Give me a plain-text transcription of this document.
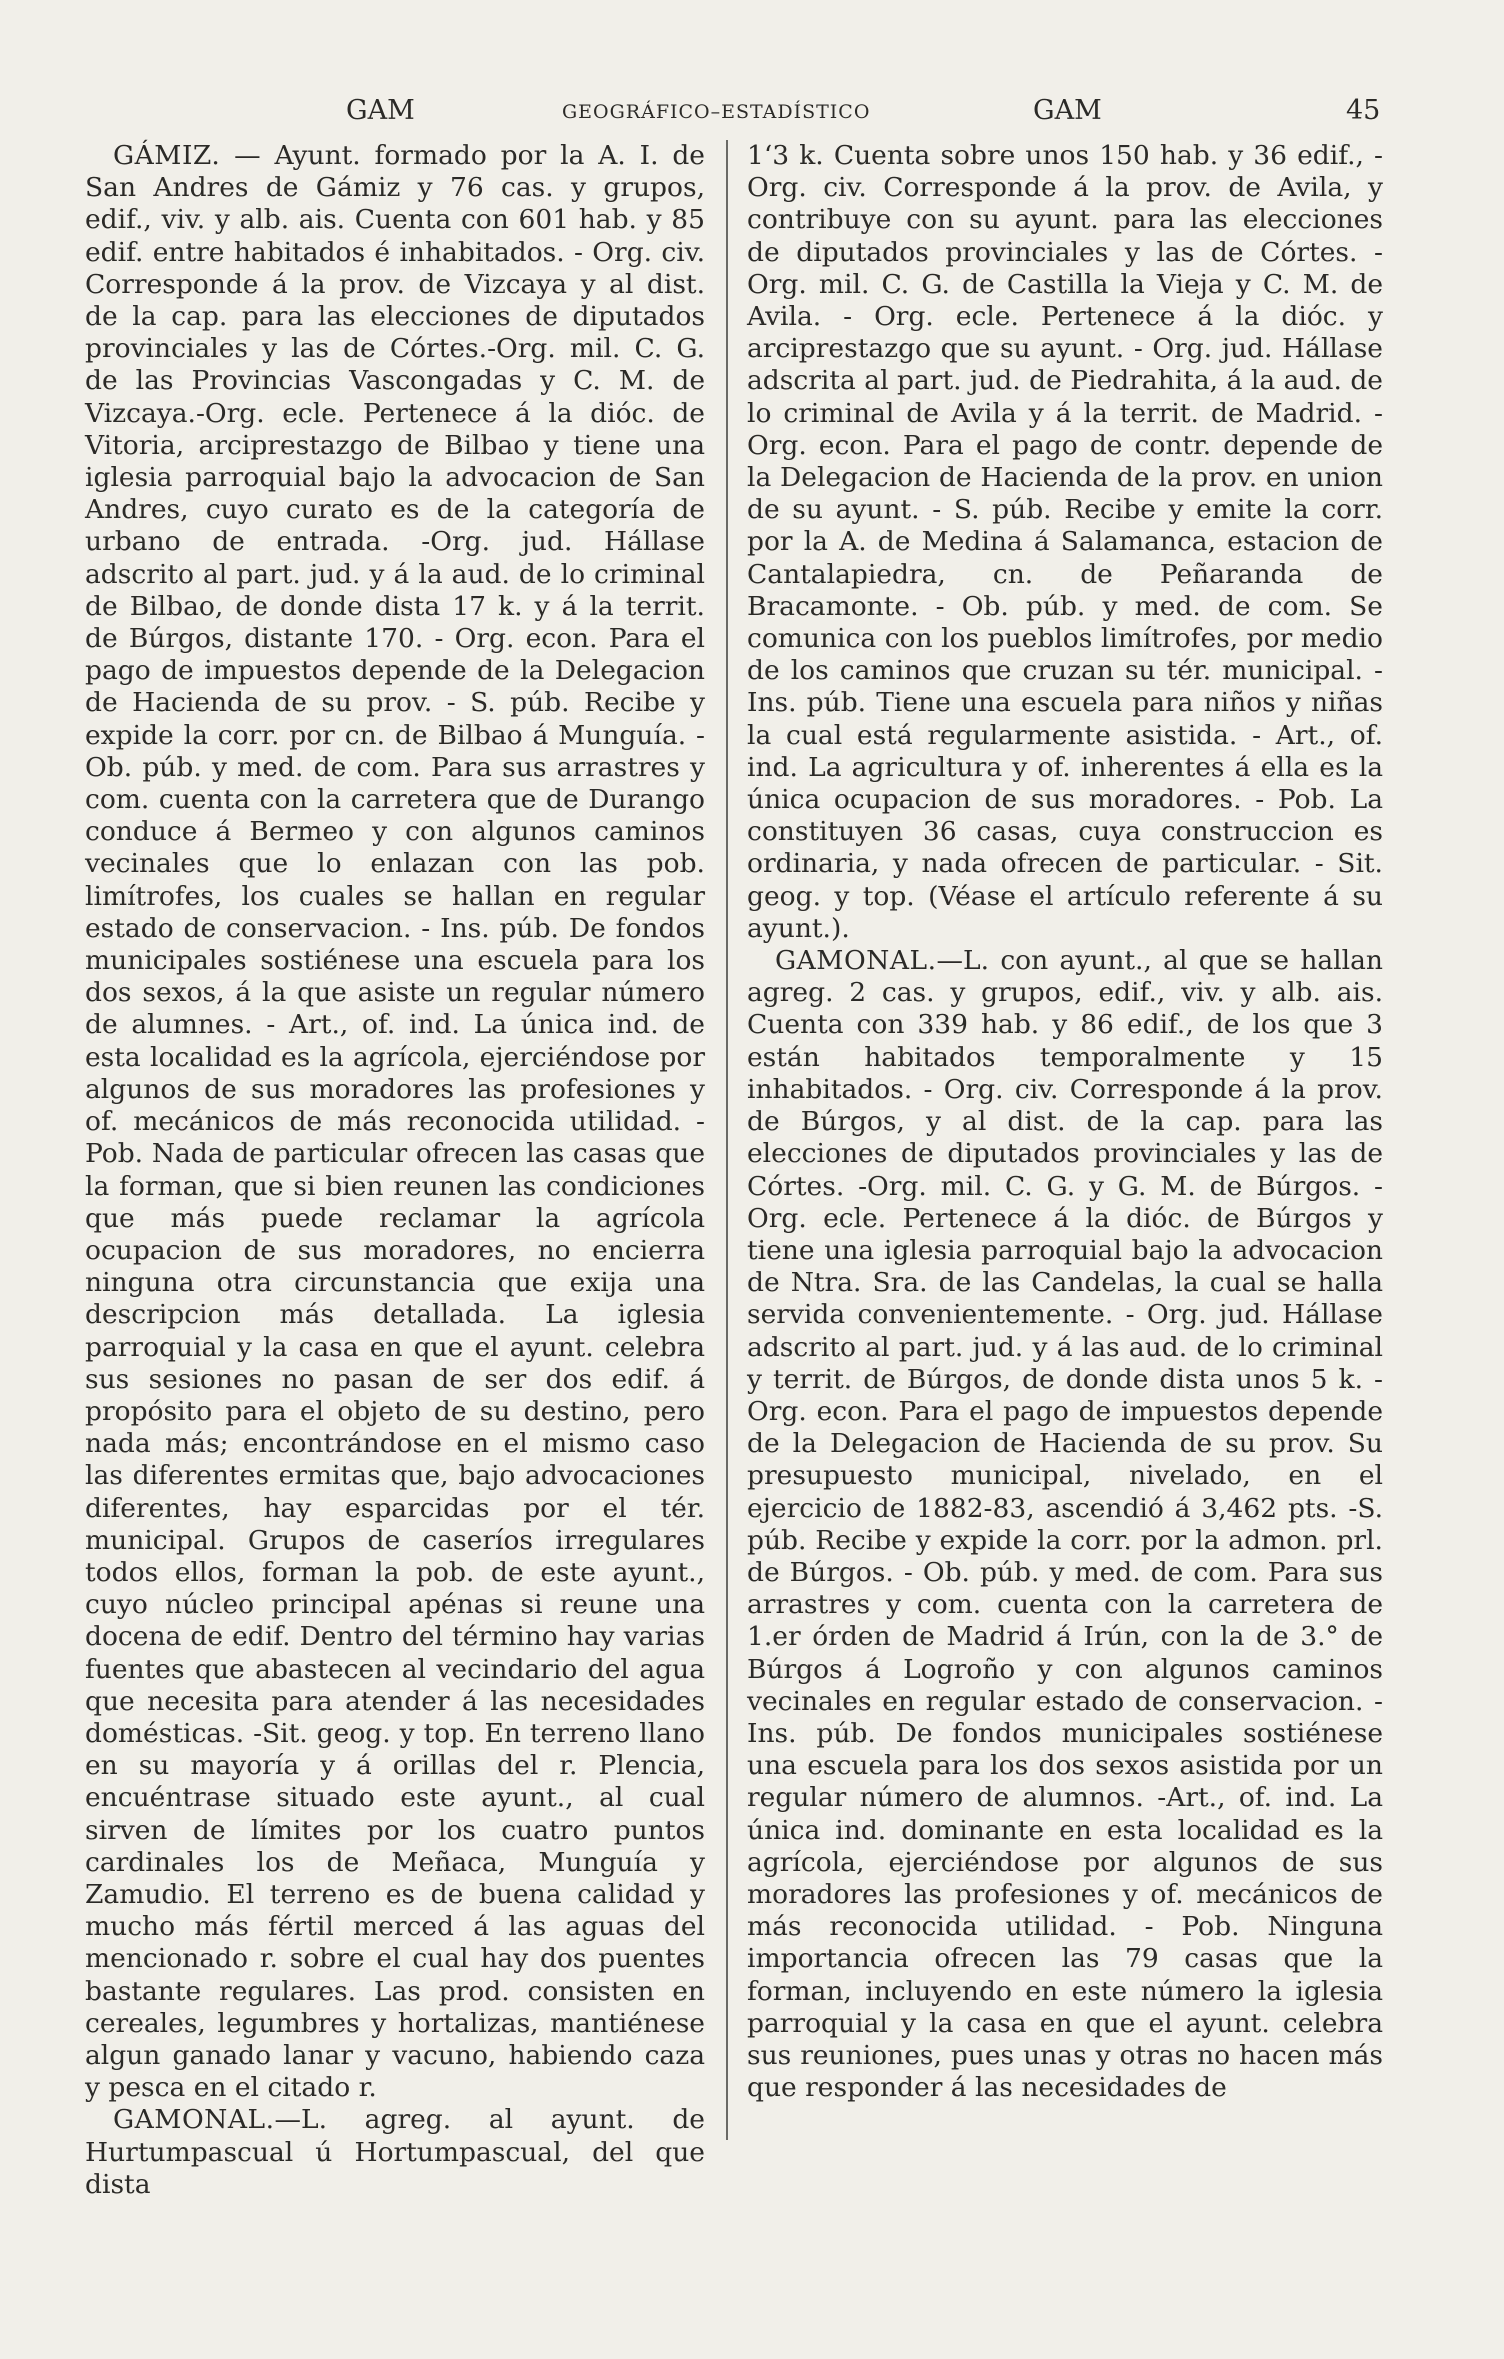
GAM	GEOGRÁFICO–ESTADÍSTICO	GAM	45

GÁMIZ. — Ayunt. formado por la A. I. de San Andres de Gámiz y 76 cas. y grupos, edif., viv. y alb. ais. Cuenta con 601 hab. y 85 edif. entre habitados é inhabitados. - Org. civ. Corresponde á la prov. de Vizcaya y al dist. de la cap. para las elecciones de diputados provinciales y las de Córtes.-Org. mil. C. G. de las Provincias Vascongadas y C. M. de Vizcaya.-Org. ecle. Pertenece á la dióc. de Vitoria, arciprestazgo de Bilbao y tiene una iglesia parroquial bajo la advocacion de San Andres, cuyo curato es de la categoría de urbano de entrada. -Org. jud. Hállase adscrito al part. jud. y á la aud. de lo criminal de Bilbao, de donde dista 17 k. y á la territ. de Búrgos, distante 170. - Org. econ. Para el pago de impuestos depende de la Delegacion de Hacienda de su prov. - S. púb. Recibe y expide la corr. por cn. de Bilbao á Munguía. - Ob. púb. y med. de com. Para sus arrastres y com. cuenta con la carretera que de Durango conduce á Bermeo y con algunos caminos vecinales que lo enlazan con las pob. limítrofes, los cuales se hallan en regular estado de conservacion. - Ins. púb. De fondos municipales sostiénese una escuela para los dos sexos, á la que asiste un regular número de alumnes. - Art., of. ind. La única ind. de esta localidad es la agrícola, ejerciéndose por algunos de sus moradores las profesiones y of. mecánicos de más reconocida utilidad. - Pob. Nada de particular ofrecen las casas que la forman, que si bien reunen las condiciones que más puede reclamar la agrícola ocupacion de sus moradores, no encierra ninguna otra circunstancia que exija una descripcion más detallada. La iglesia parroquial y la casa en que el ayunt. celebra sus sesiones no pasan de ser dos edif. á propósito para el objeto de su destino, pero nada más; encontrándose en el mismo caso las diferentes ermitas que, bajo advocaciones diferentes, hay esparcidas por el tér. municipal. Grupos de caseríos irregulares todos ellos, forman la pob. de este ayunt., cuyo núcleo principal apénas si reune una docena de edif. Dentro del término hay varias fuentes que abastecen al vecindario del agua que necesita para atender á las necesidades domésticas. -Sit. geog. y top. En terreno llano en su mayoría y á orillas del r. Plencia, encuéntrase situado este ayunt., al cual sirven de límites por los cuatro puntos cardinales los de Meñaca, Munguía y Zamudio. El terreno es de buena calidad y mucho más fértil merced á las aguas del mencionado r. sobre el cual hay dos puentes bastante regulares. Las prod. consisten en cereales, legumbres y hortalizas, mantiénese algun ganado lanar y vacuno, habiendo caza y pesca en el citado r.

GAMONAL.—L. agreg. al ayunt. de Hurtumpascual ú Hortumpascual, del que dista

1‘3 k. Cuenta sobre unos 150 hab. y 36 edif., -Org. civ. Corresponde á la prov. de Avila, y contribuye con su ayunt. para las elecciones de diputados provinciales y las de Córtes. -Org. mil. C. G. de Castilla la Vieja y C. M. de Avila. - Org. ecle. Pertenece á la dióc. y arciprestazgo que su ayunt. - Org. jud. Hállase adscrita al part. jud. de Piedrahita, á la aud. de lo criminal de Avila y á la territ. de Madrid. - Org. econ. Para el pago de contr. depende de la Delegacion de Hacienda de la prov. en union de su ayunt. - S. púb. Recibe y emite la corr. por la A. de Medina á Salamanca, estacion de Cantalapiedra, cn. de Peñaranda de Bracamonte. - Ob. púb. y med. de com. Se comunica con los pueblos limítrofes, por medio de los caminos que cruzan su tér. municipal. - Ins. púb. Tiene una escuela para niños y niñas la cual está regularmente asistida. - Art., of. ind. La agricultura y of. inherentes á ella es la única ocupacion de sus moradores. - Pob. La constituyen 36 casas, cuya construccion es ordinaria, y nada ofrecen de particular. - Sit. geog. y top. (Véase el artículo referente á su ayunt.).

GAMONAL.—L. con ayunt., al que se hallan agreg. 2 cas. y grupos, edif., viv. y alb. ais. Cuenta con 339 hab. y 86 edif., de los que 3 están habitados temporalmente y 15 inhabitados. - Org. civ. Corresponde á la prov. de Búrgos, y al dist. de la cap. para las elecciones de diputados provinciales y las de Córtes. -Org. mil. C. G. y G. M. de Búrgos. - Org. ecle. Pertenece á la dióc. de Búrgos y tiene una iglesia parroquial bajo la advocacion de Ntra. Sra. de las Candelas, la cual se halla servida convenientemente. - Org. jud. Hállase adscrito al part. jud. y á las aud. de lo criminal y territ. de Búrgos, de donde dista unos 5 k. - Org. econ. Para el pago de impuestos depende de la Delegacion de Hacienda de su prov. Su presupuesto municipal, nivelado, en el ejercicio de 1882-83, ascendió á 3,462 pts. -S. púb. Recibe y expide la corr. por la admon. prl. de Búrgos. - Ob. púb. y med. de com. Para sus arrastres y com. cuenta con la carretera de 1.er órden de Madrid á Irún, con la de 3.° de Búrgos á Logroño y con algunos caminos vecinales en regular estado de conservacion. - Ins. púb. De fondos municipales sostiénese una escuela para los dos sexos asistida por un regular número de alumnos. -Art., of. ind. La única ind. dominante en esta localidad es la agrícola, ejerciéndose por algunos de sus moradores las profesiones y of. mecánicos de más reconocida utilidad. - Pob. Ninguna importancia ofrecen las 79 casas que la forman, incluyendo en este número la iglesia parroquial y la casa en que el ayunt. celebra sus reuniones, pues unas y otras no hacen más que responder á las necesidades de
